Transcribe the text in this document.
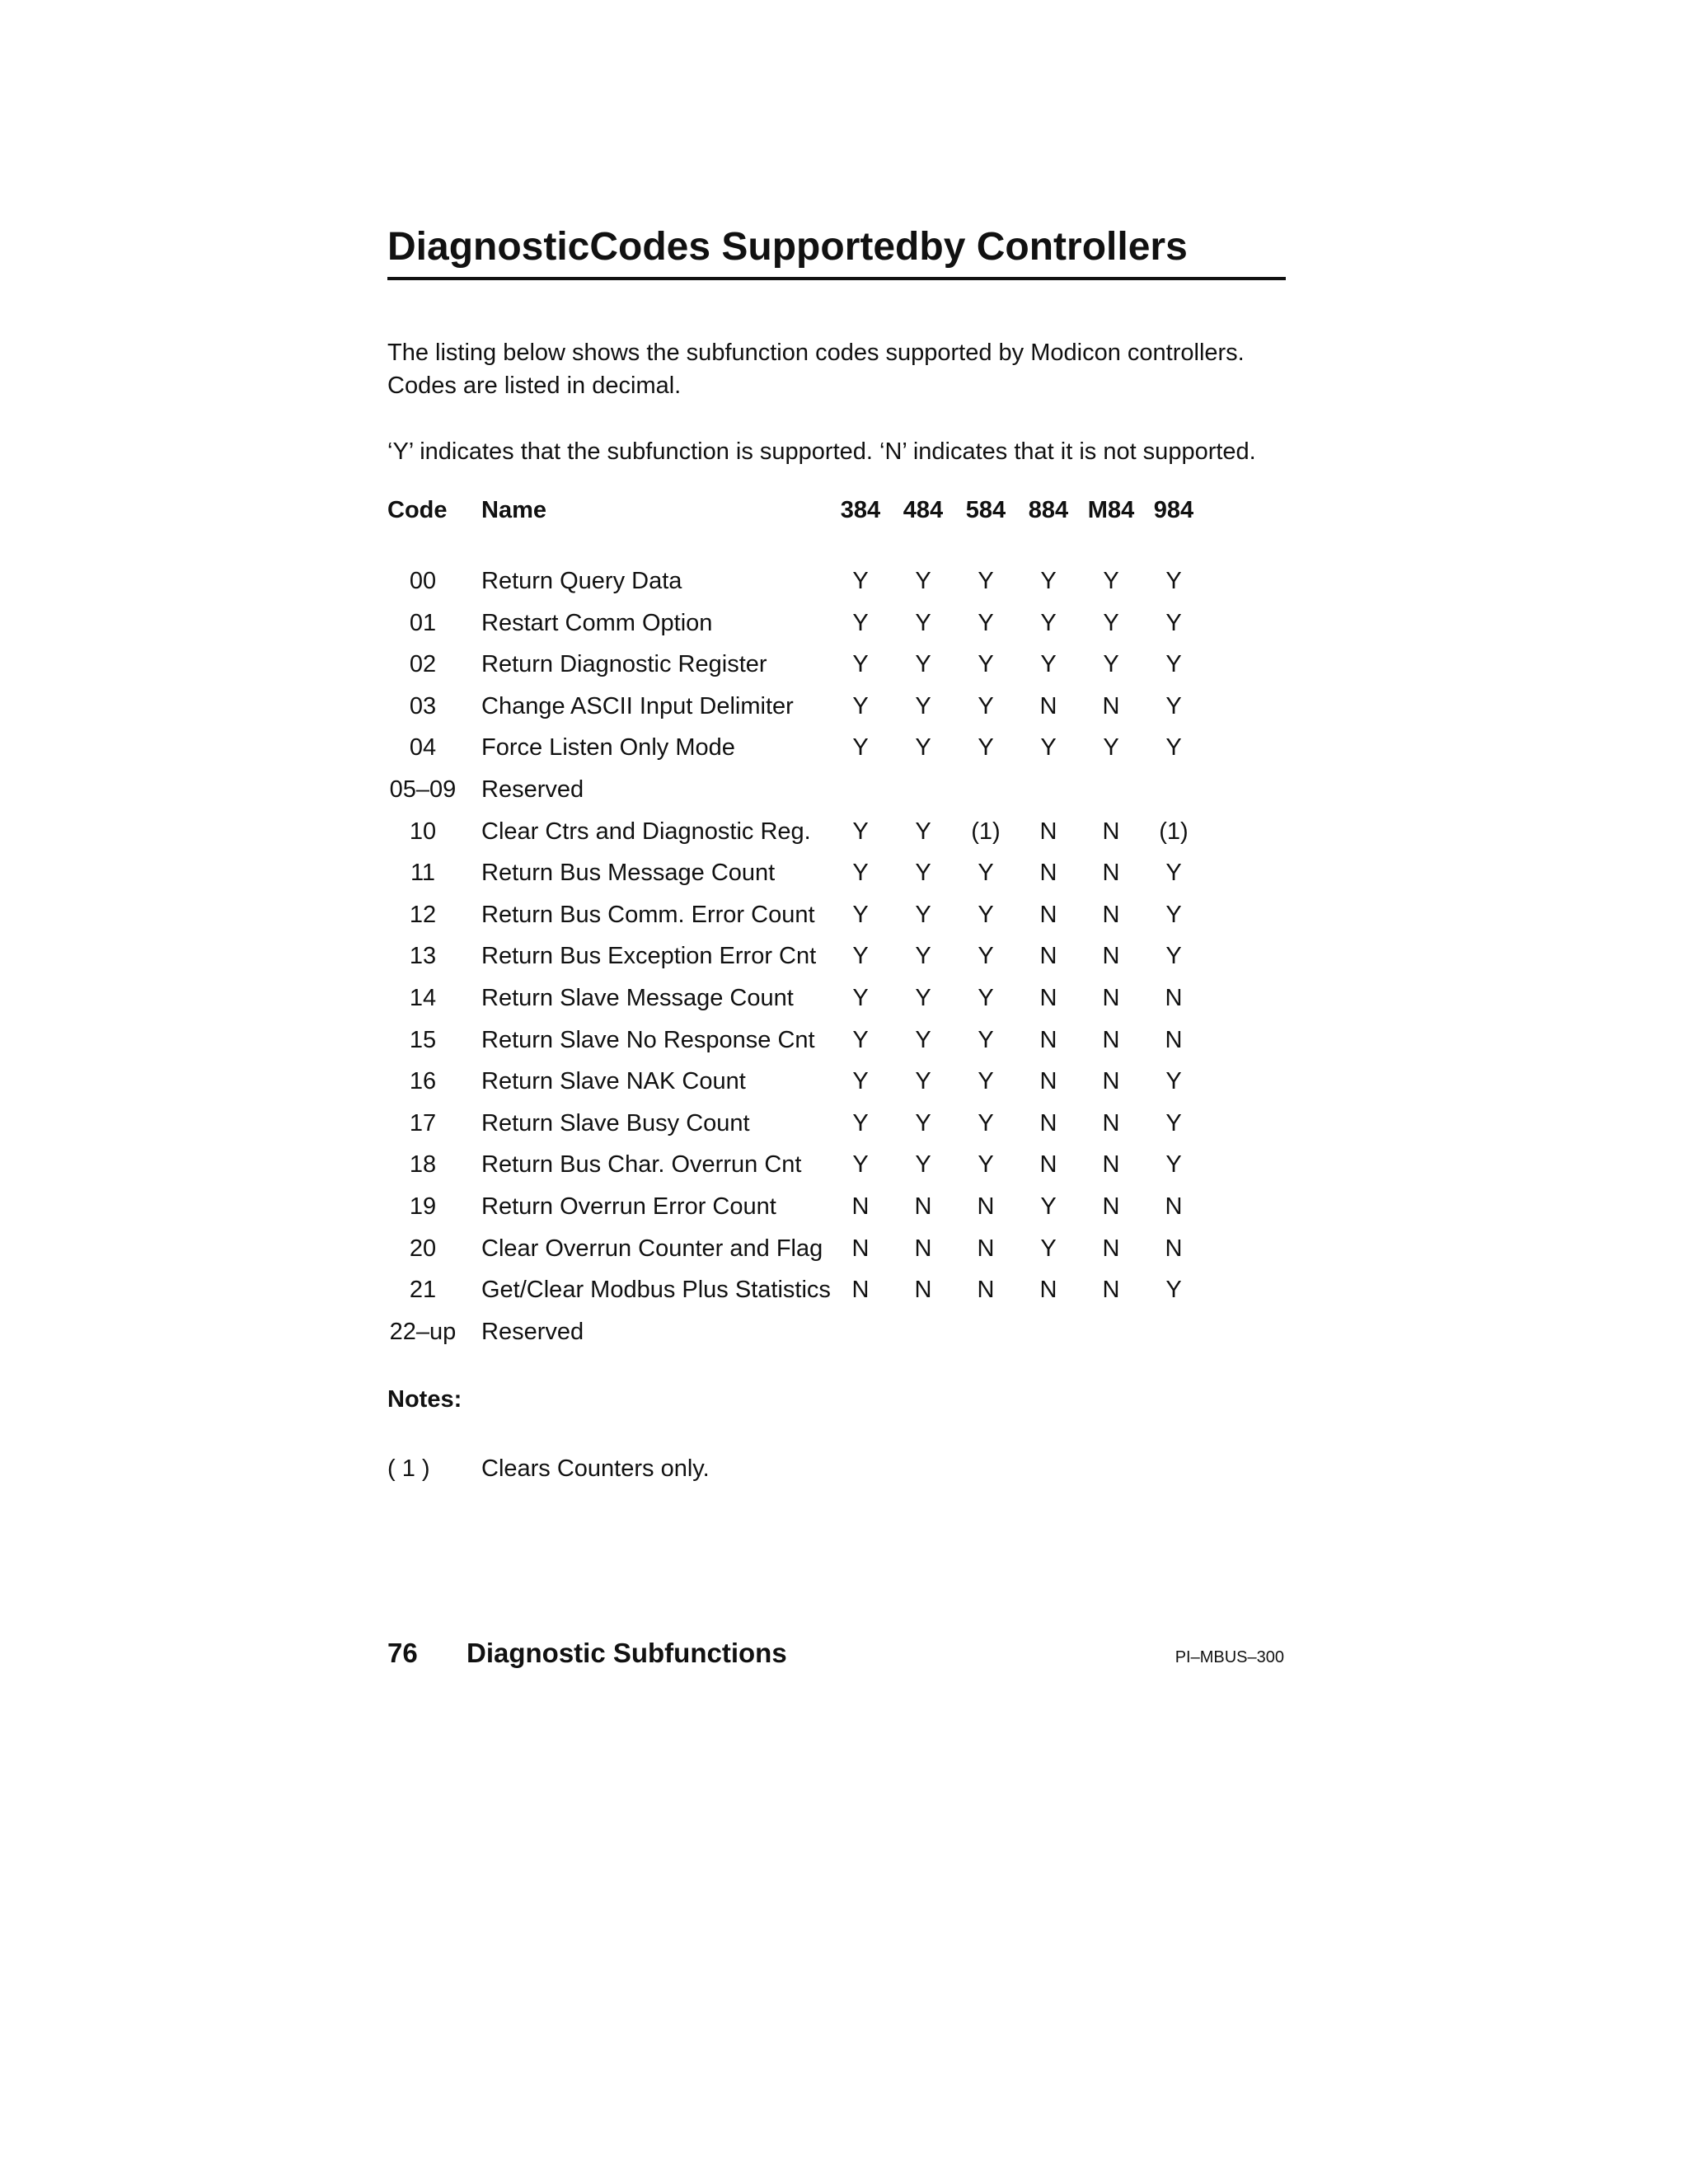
DiagnosticCodes Supportedby Controllers

The listing below shows the subfunction codes supported by Modicon controllers. Codes are listed in decimal.

‘Y’ indicates that the subfunction is supported. ‘N’ indicates that it is not supported.

Code	Name	384 484 584 884 M84 984
00	Return Query Data	Y	Y	Y	Y	Y	Y
01	Restart Comm Option	Y	Y	Y	Y	Y	Y
02	Return Diagnostic Register	Y	Y	Y	Y	Y	Y
03	Change ASCII Input Delimiter	Y	Y	Y	N	N	Y
04	Force Listen Only Mode	Y	Y	Y	Y	Y	Y
05–09 Reserved
10	Clear Ctrs and Diagnostic Reg.	Y	Y	(1)	N	N	(1)
11	Return Bus Message Count	Y	Y	Y	N	N	Y
12	Return Bus Comm. Error Count	Y	Y	Y	N	N	Y
13	Return Bus Exception Error Cnt	Y	Y	Y	N	N	Y
14	Return Slave Message Count	Y	Y	Y	N	N	N
15	Return Slave No Response Cnt	Y	Y	Y	N	N	N
16	Return Slave NAK Count	Y	Y	Y	N	N	Y
17	Return Slave Busy Count	Y	Y	Y	N	N	Y
18	Return Bus Char. Overrun Cnt	Y	Y	Y	N	N	Y
19	Return Overrun Error Count	N	N	N	Y	N	N
20	Clear Overrun Counter and Flag	N	N	N	Y	N	N
21	Get/Clear Modbus Plus Statistics N	N	N	N	N	Y
22–up Reserved
Notes:
( 1 ) Clears Counters only.
76 Diagnostic Subfunctions	PI–MBUS–300
